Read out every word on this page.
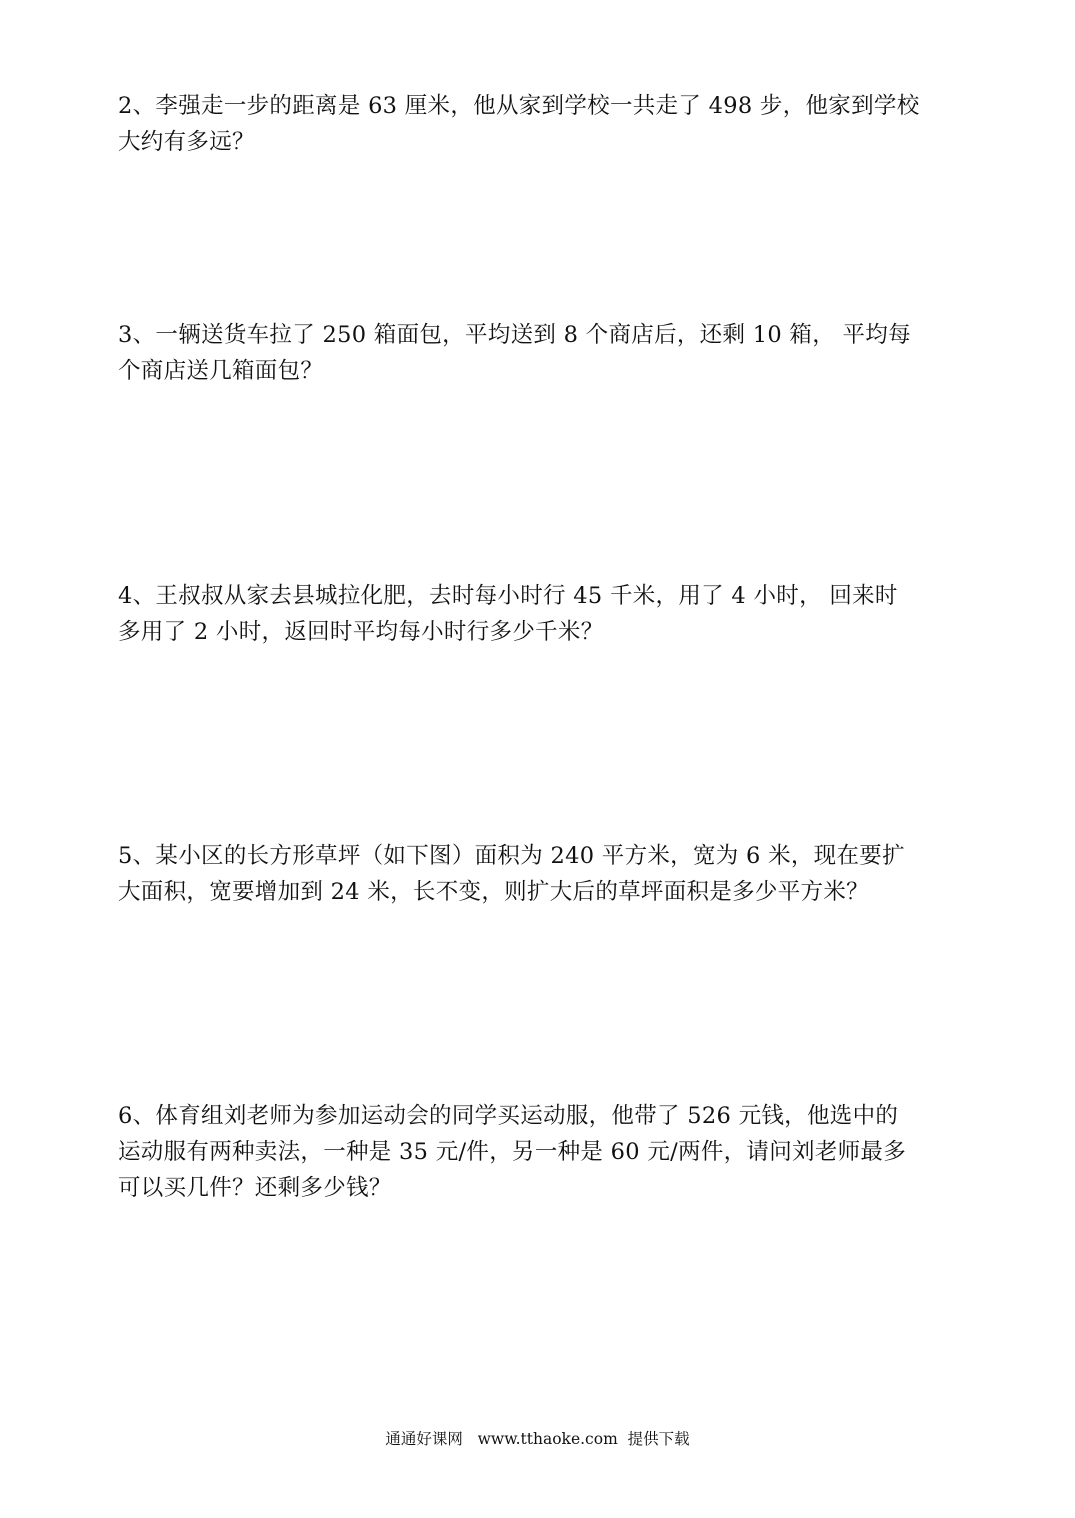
2、李强走一步的距离是 63 厘米，他从家到学校一共走了 498 步，他家到学校
大约有多远？
3、一辆送货车拉了 250 箱面包，平均送到 8 个商店后，还剩 10 箱， 平均每
个商店送几箱面包？
4、王叔叔从家去县城拉化肥，去时每小时行 45 千米，用了 4 小时， 回来时
多用了 2 小时，返回时平均每小时行多少千米？
5、某小区的长方形草坪（如下图）面积为 240 平方米，宽为 6 米，现在要扩
大面积，宽要增加到 24 米，长不变，则扩大后的草坪面积是多少平方米？
6、体育组刘老师为参加运动会的同学买运动服，他带了 526 元钱，他选中的
运动服有两种卖法，一种是 35 元/件，另一种是 60 元/两件，请问刘老师最多
可以买几件？还剩多少钱？
通通好课网 www.tthaoke.com 提供下载
